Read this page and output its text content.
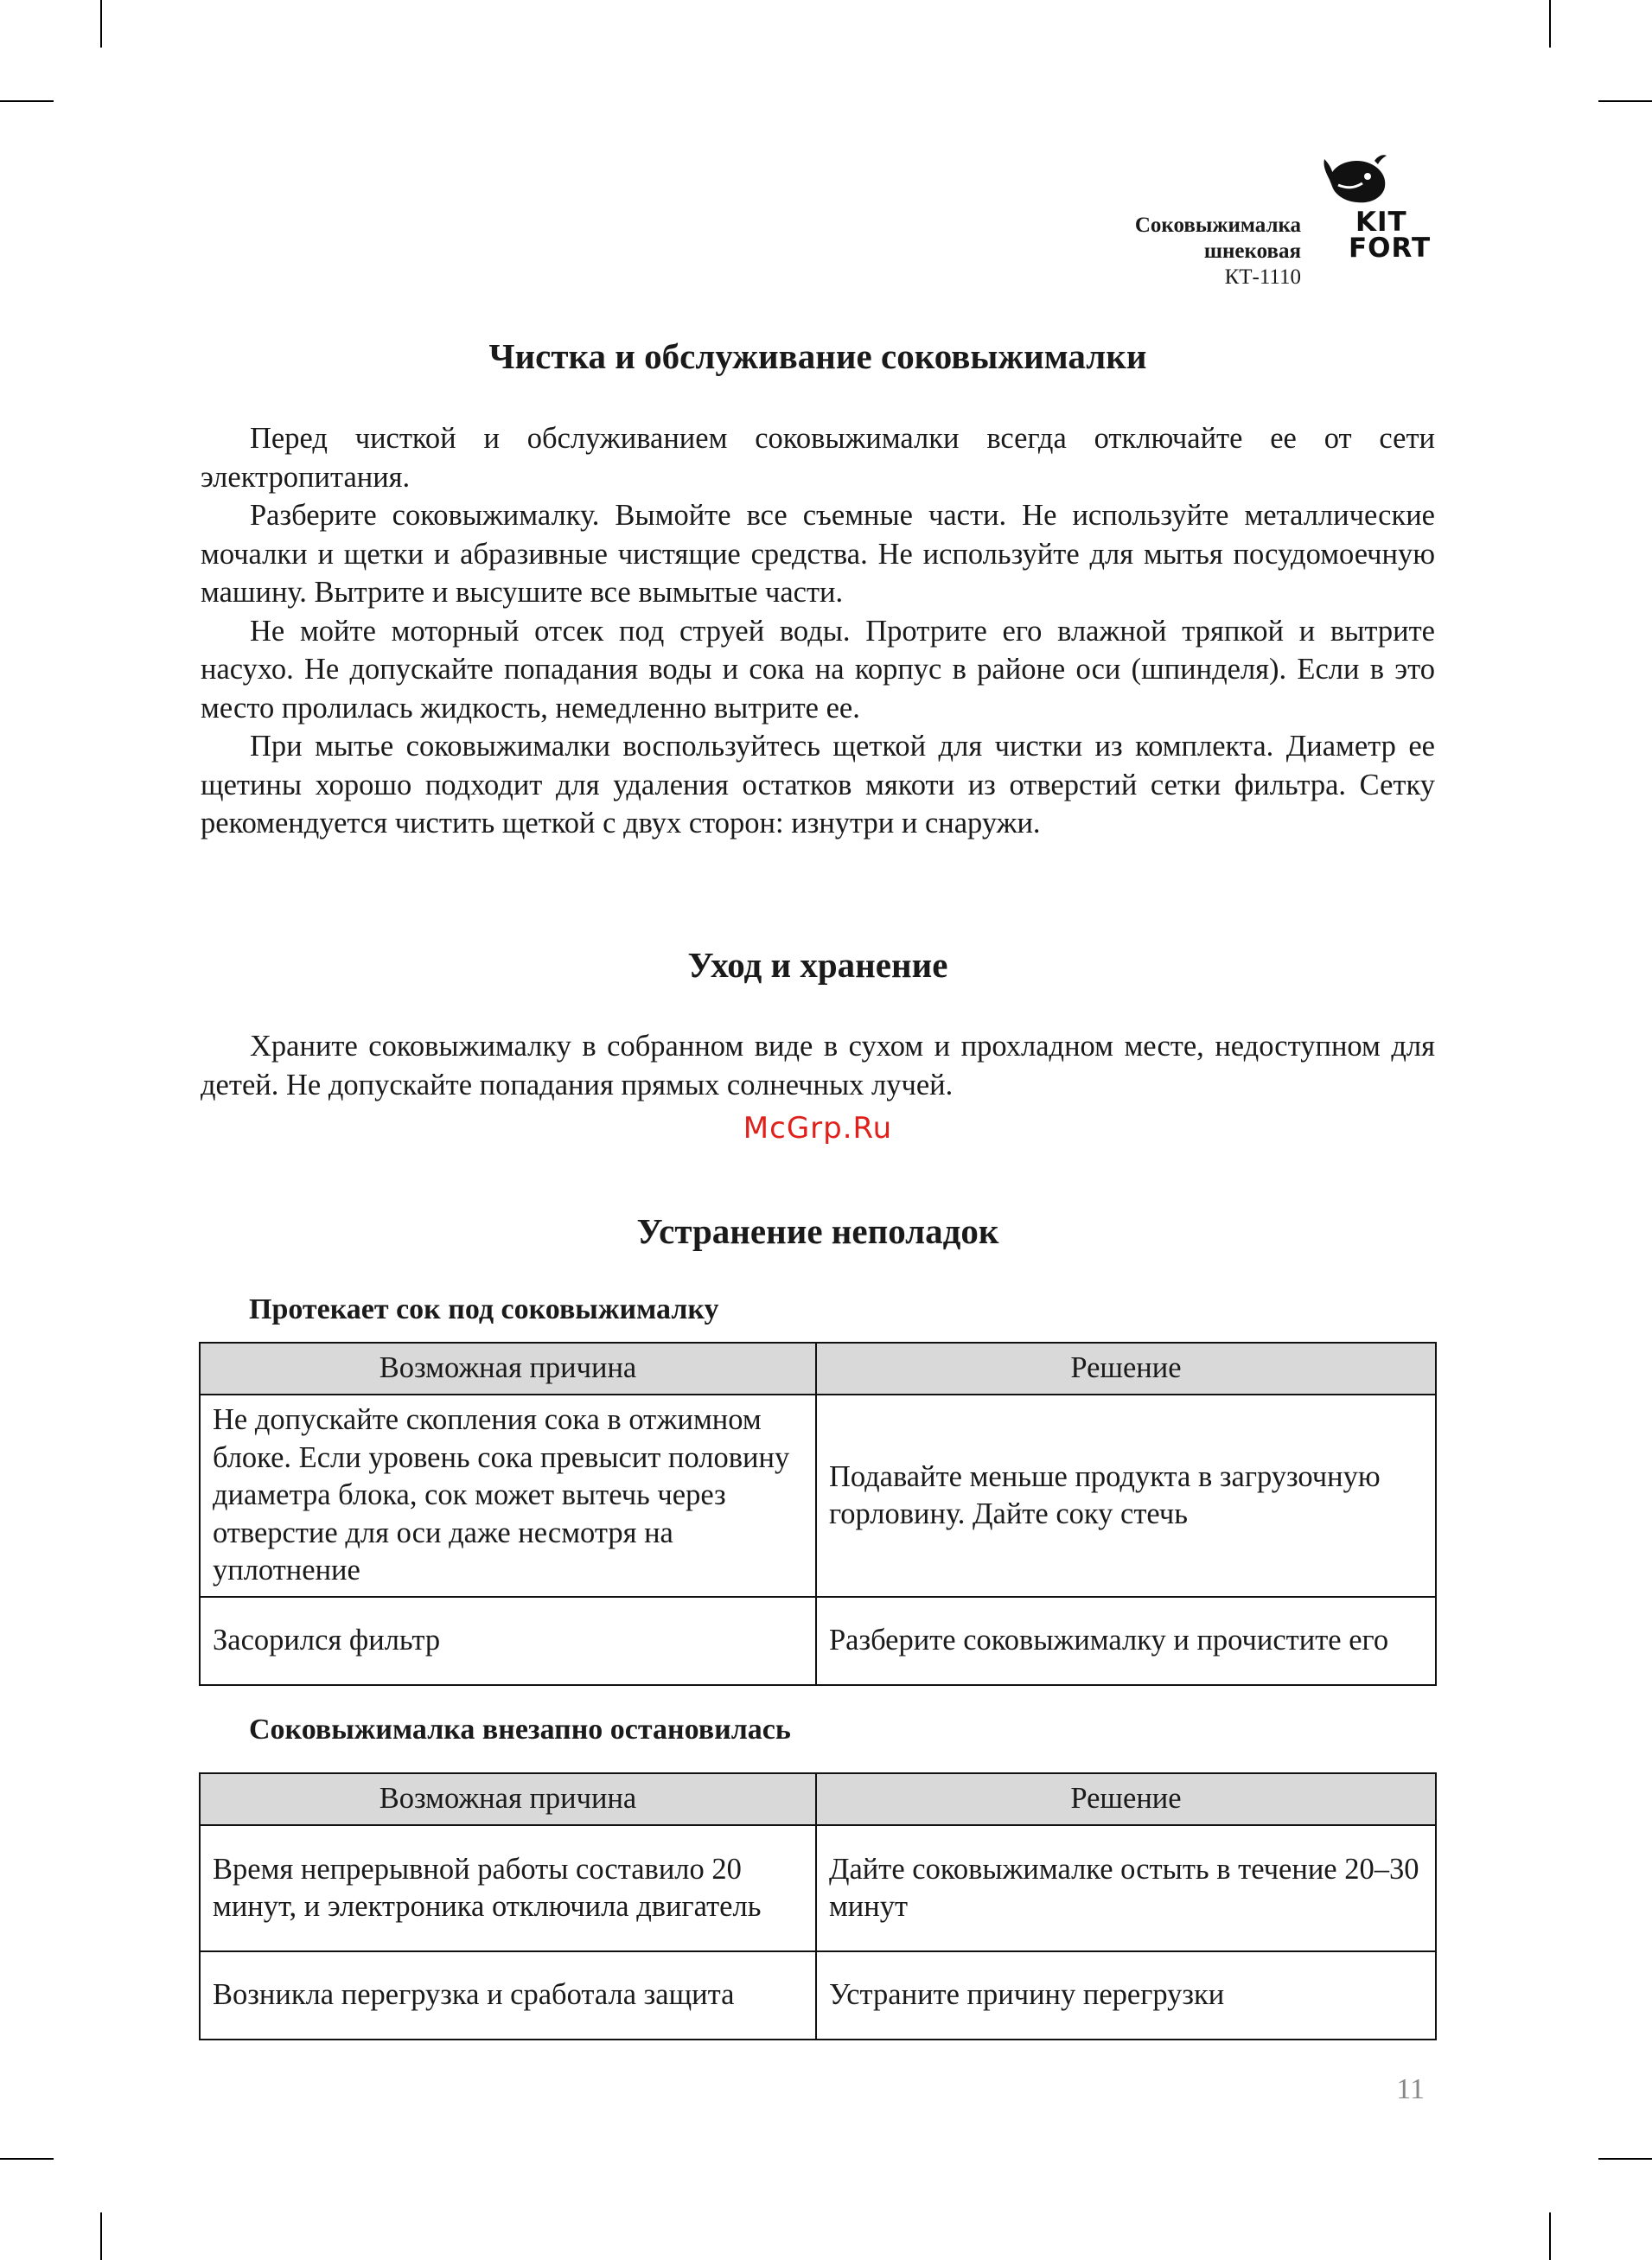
Соковыжималка
шнековая
КТ-1110
KIT
FORT
Чистка и обслуживание соковыжималки

Перед чисткой и обслуживанием соковыжималки всегда отключайте ее от сети электропитания.

Разберите соковыжималку. Вымойте все съемные части. Не используйте металлические мочалки и щетки и абразивные чистящие средства. Не используйте для мытья посудомоечную машину. Вытрите и высушите все вымытые части.

Не мойте моторный отсек под струей воды. Протрите его влажной тряпкой и вытрите насухо. Не допускайте попадания воды и сока на корпус в районе оси (шпинделя). Если в это место пролилась жидкость, немедленно вытрите ее.

При мытье соковыжималки воспользуйтесь щеткой для чистки из комплекта. Диаметр ее щетины хорошо подходит для удаления остатков мякоти из отверстий сетки фильтра. Сетку рекомендуется чистить щеткой с двух сторон: изнутри и снаружи.

Уход и хранение

Храните соковыжималку в собранном виде в сухом и прохладном месте, недоступном для детей. Не допускайте попадания прямых солнечных лучей.

McGrp.Ru
Устранение неполадок
Протекает сок под соковыжималку
Возможная причина	Решение
Не допускайте скопления сока в отжимном блоке. Если уровень сока превысит половину диаметра блока, сок может вытечь через отверстие для оси даже несмотря на уплотнение	Подавайте меньше продукта в загрузочную горловину. Дайте соку стечь
Засорился фильтр	Разберите соковыжималку и прочистите его
Соковыжималка внезапно остановилась
Возможная причина	Решение
Время непрерывной работы составило 20 минут, и электроника отключила двигатель	Дайте соковыжималке остыть в течение 20–30 минут
Возникла перегрузка и сработала защита	Устраните причину перегрузки
11
